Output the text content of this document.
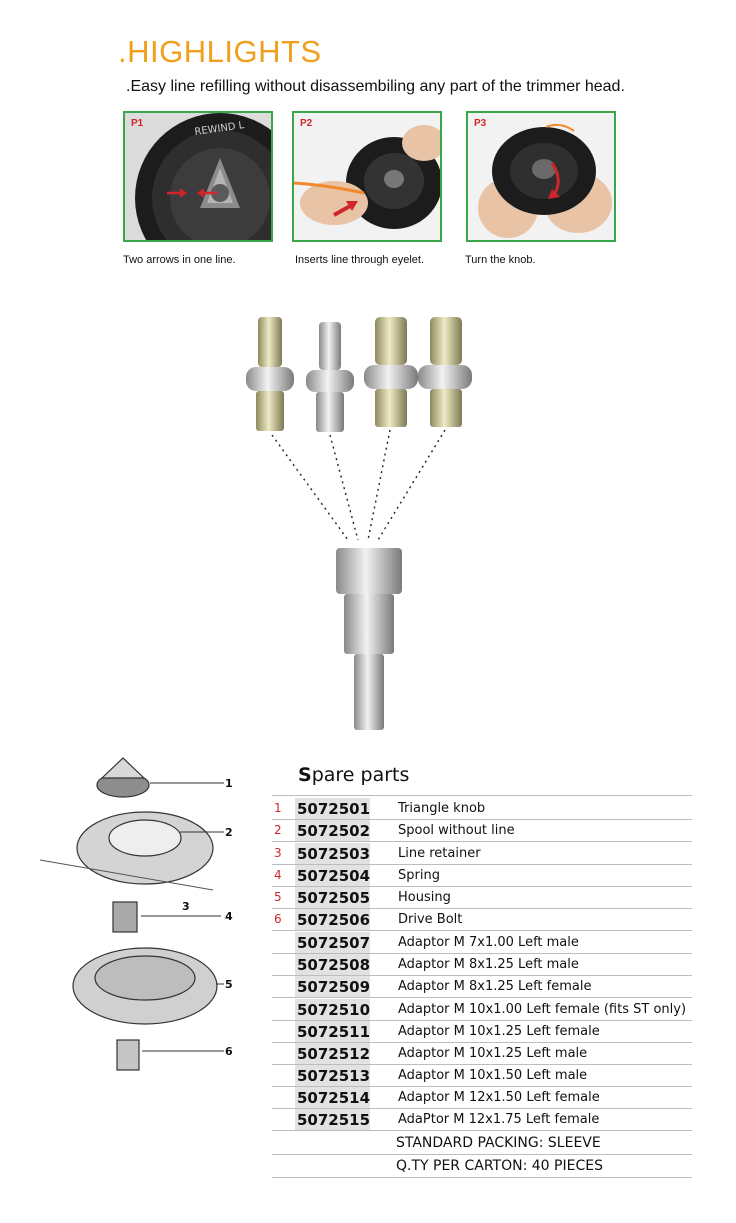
.HIGHLIGHTS
.Easy line refilling without disassembiling any part of the trimmer head.
P1	REWIND L
Two arrows in one line.
P2
Inserts line through eyelet.
P3
Turn the knob.
1
2
3
4
5
6
Spare parts
1 5072501 Triangle knob
2 5072502 Spool without line
3 5072503 Line retainer
4 5072504 Spring
5 5072505 Housing
6 5072506 Drive Bolt
5072507 Adaptor M 7x1.00 Left male
5072508 Adaptor M 8x1.25 Left male
5072509 Adaptor M 8x1.25 Left female
5072510 Adaptor M 10x1.00 Left female (fits ST only)
5072511 Adaptor M 10x1.25 Left female
5072512 Adaptor M 10x1.25 Left male
5072513 Adaptor M 10x1.50 Left male
5072514 Adaptor M 12x1.50 Left female
5072515 AdaPtor M 12x1.75 Left female
STANDARD PACKING: SLEEVE
Q.TY PER CARTON: 40 PIECES
